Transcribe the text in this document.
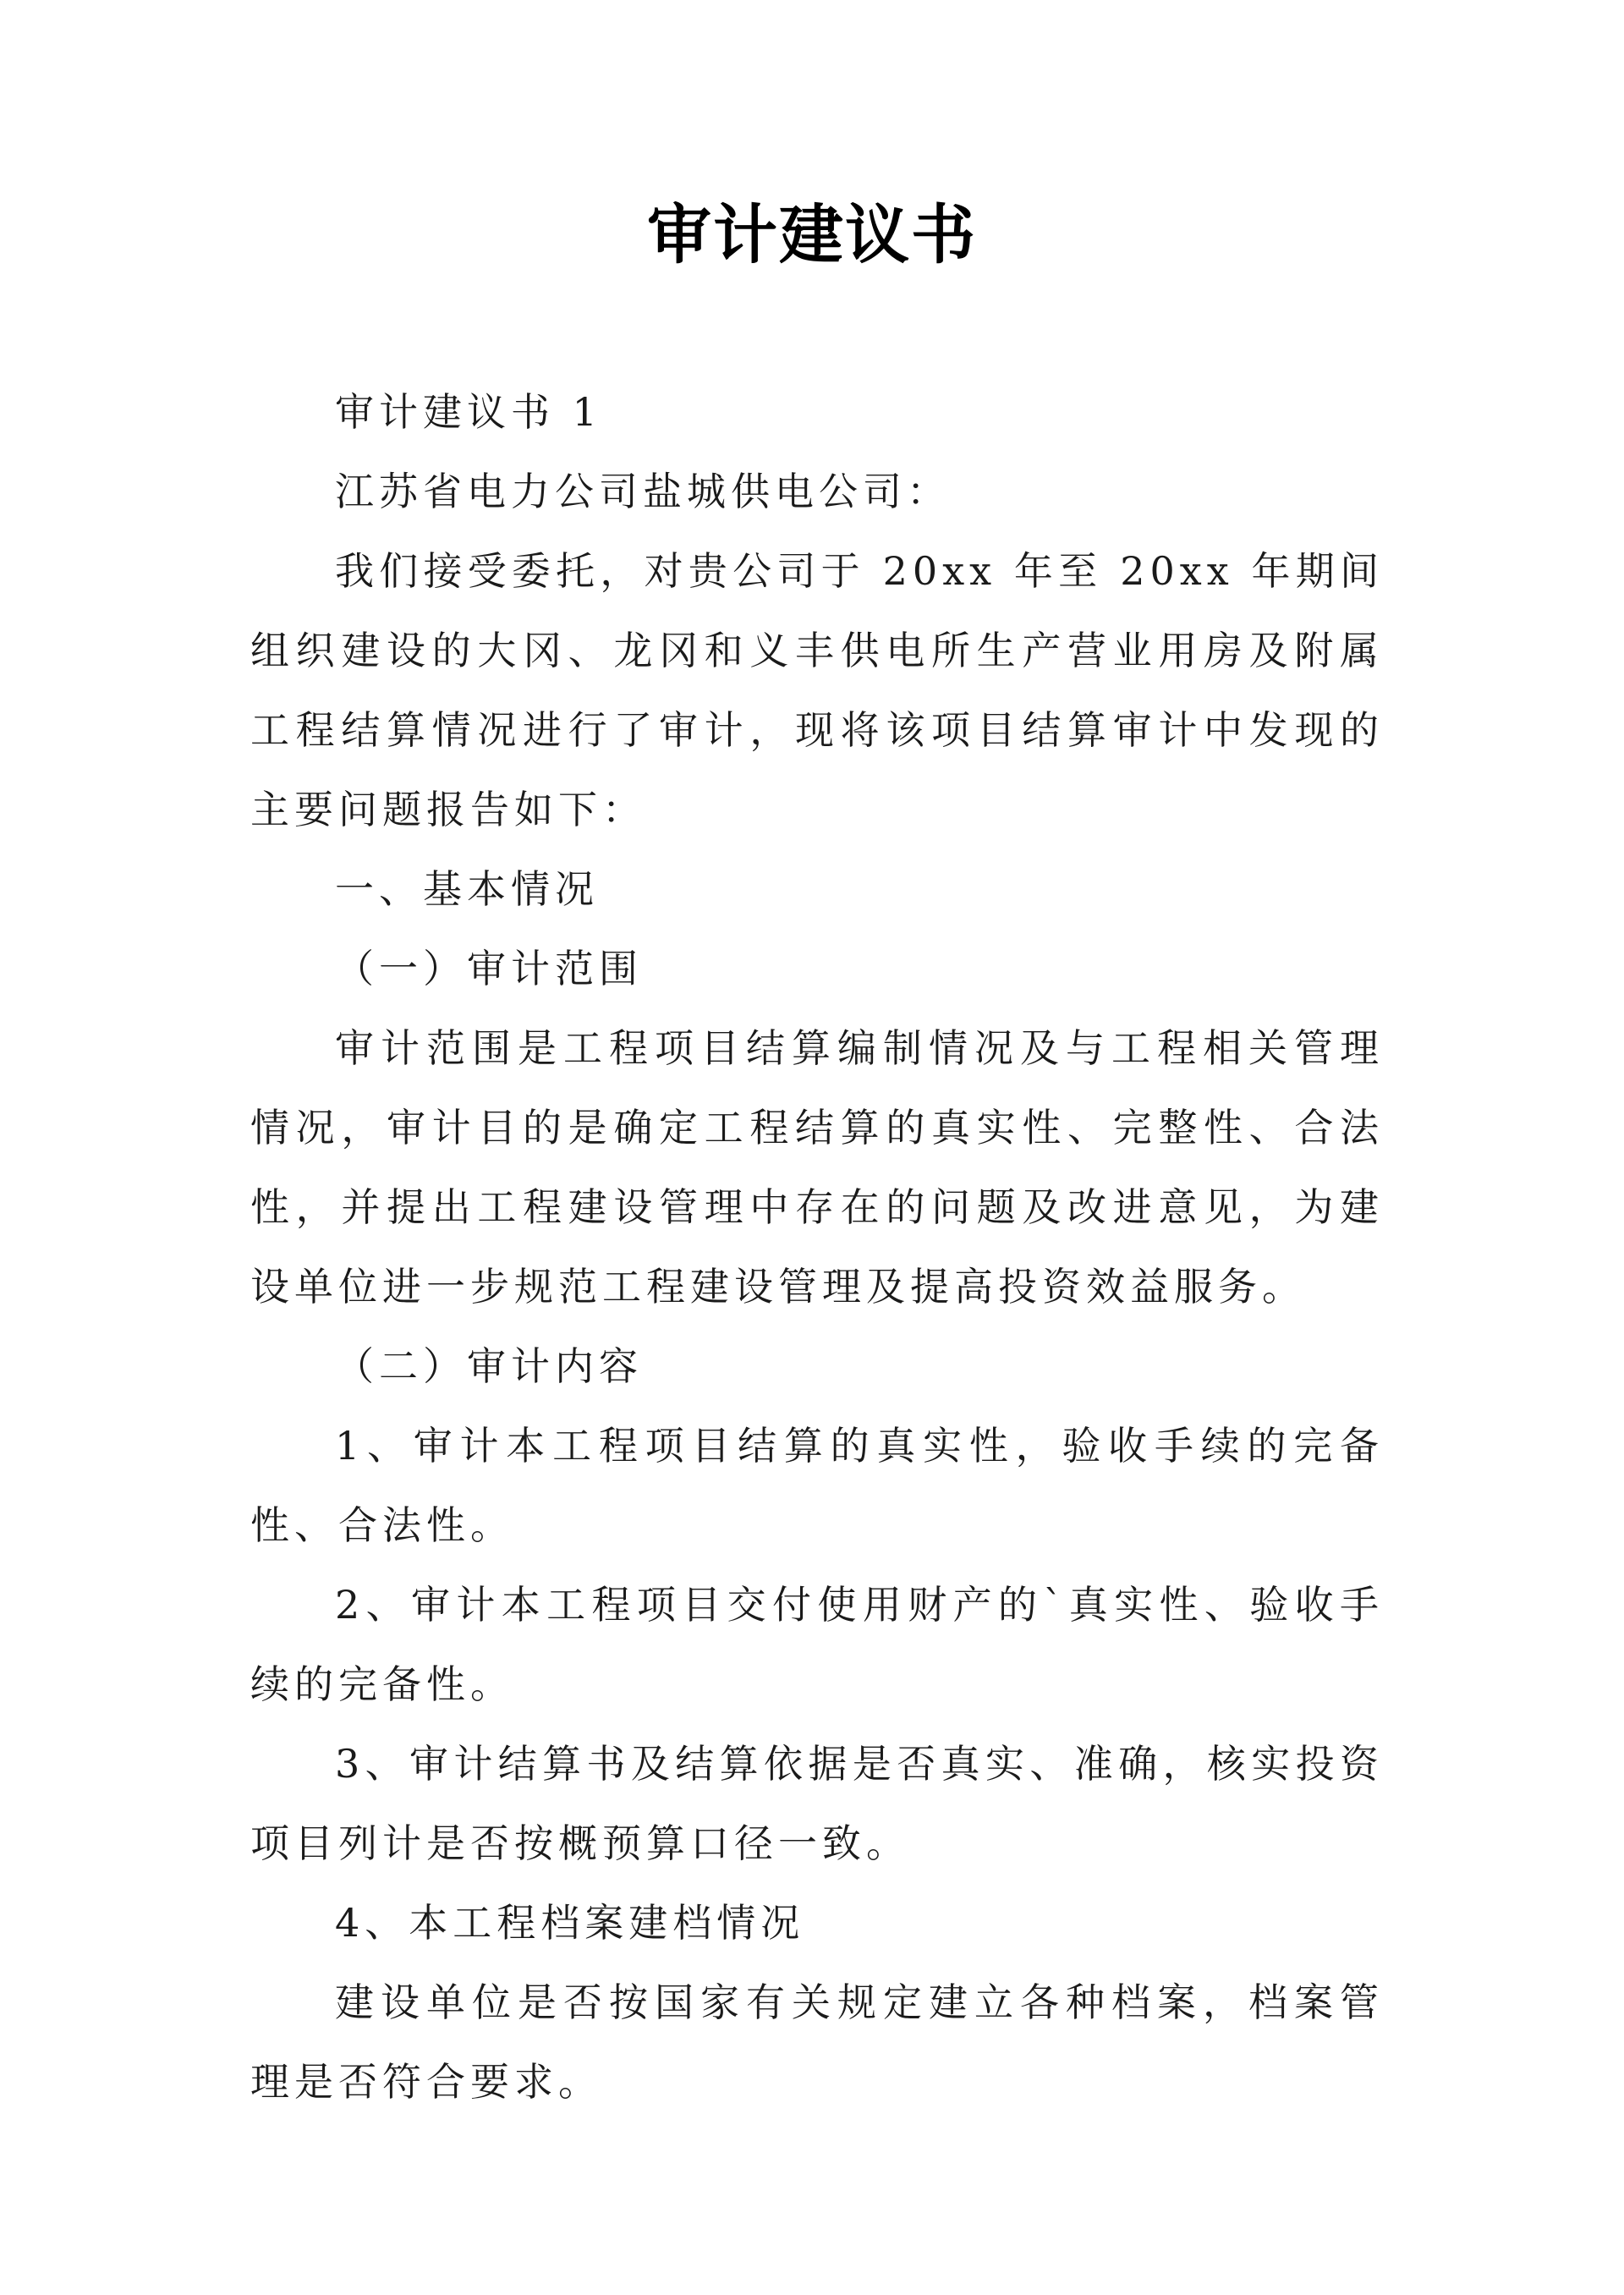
审计建议书

审计建议书 1

江苏省电力公司盐城供电公司：

我们接受委托，对贵公司于 20xx 年至 20xx 年期间组织建设的大冈、龙冈和义丰供电所生产营业用房及附属工程结算情况进行了审计，现将该项目结算审计中发现的主要问题报告如下：

一、基本情况

（一）审计范围

审计范围是工程项目结算编制情况及与工程相关管理情况，审计目的是确定工程结算的真实性、完整性、合法性，并提出工程建设管理中存在的问题及改进意见，为建设单位进一步规范工程建设管理及提高投资效益服务。

（二）审计内容

1、审计本工程项目结算的真实性，验收手续的完备性、合法性。

2、审计本工程项目交付使用财产的`真实性、验收手续的完备性。

3、审计结算书及结算依据是否真实、准确，核实投资项目列计是否按概预算口径一致。

4、本工程档案建档情况

建设单位是否按国家有关规定建立各种档案，档案管理是否符合要求。
